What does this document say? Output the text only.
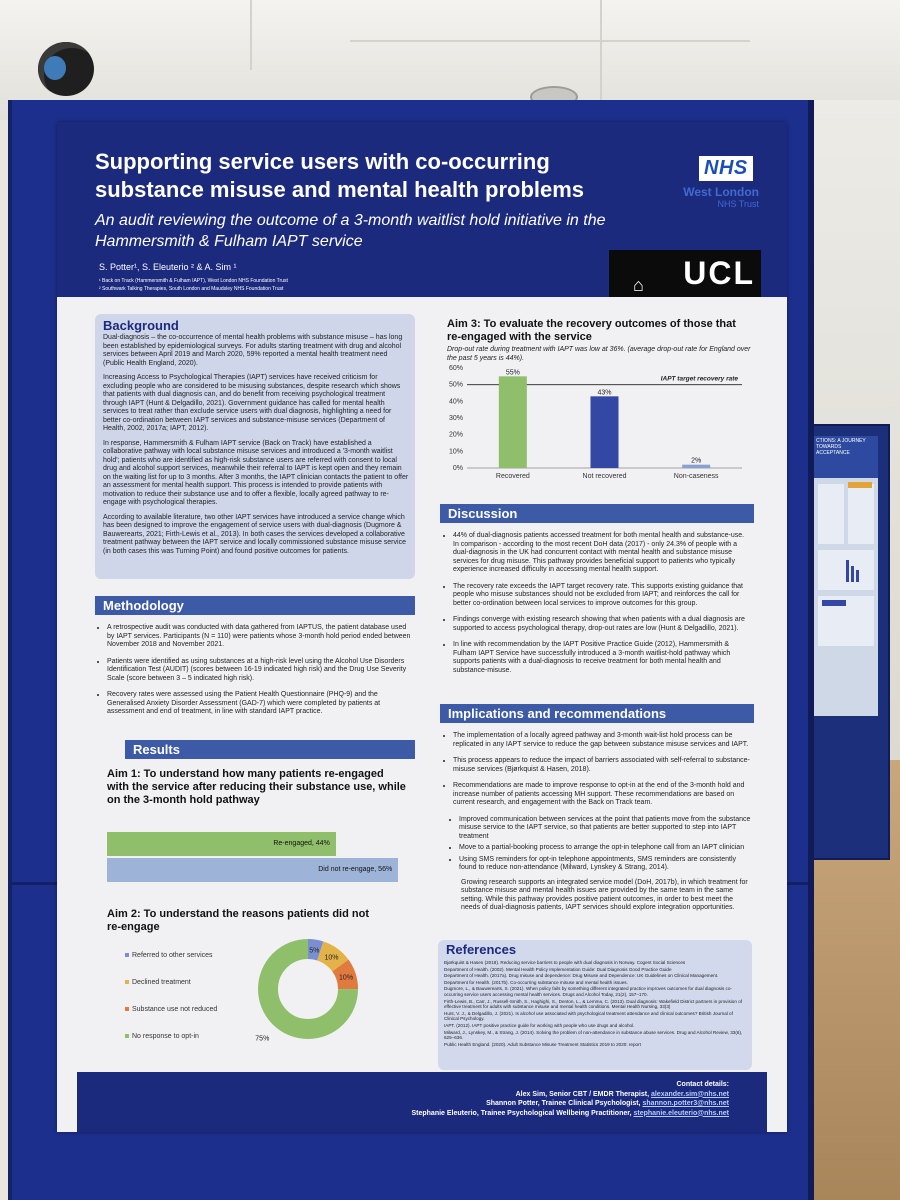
CTIONS: A JOURNEY TOWARDS ACCEPTANCE
Supporting service users with co-occurring
substance misuse and mental health problems
An audit reviewing the outcome of a 3-month waitlist hold initiative in the
Hammersmith & Fulham IAPT service
S. Potter¹, S. Eleuterio ² & A. Sim ¹
¹ Back on Track (Hammersmith & Fulham IAPT), West London NHS Foundation Trust
² Southwark Talking Therapies, South London and Maudsley NHS Foundation Trust
NHS
West London
NHS Trust
⌂ UCL
Background

Dual-diagnosis – the co-occurrence of mental health problems with substance misuse – has long been established by epidemiological surveys. For adults starting treatment with drug and alcohol services between April 2019 and March 2020, 59% reported a mental health treatment need (Public Health England, 2020).

Increasing Access to Psychological Therapies (IAPT) services have received criticism for excluding people who are considered to be misusing substances, despite research which shows that patients with dual diagnosis can, and do benefit from receiving psychological treatment through IAPT (Hunt & Delgadillo, 2021). Government guidance has called for mental health services to treat rather than exclude service users with dual diagnosis, highlighting a need for better co-ordination between IAPT services and substance-misuse services (Department of Health, 2002, 2017a; IAPT, 2012).

In response, Hammersmith & Fulham IAPT service (Back on Track) have established a collaborative pathway with local substance misuse services and introduced a '3-month waitlist hold'; patients who are identified as high-risk substance users are referred with consent to local drug and alcohol support services, meanwhile their referral to IAPT is kept open and they remain on the waiting list for up to 3 months. After 3 months, the IAPT clinician contacts the patient to offer an assessment for mental health support. This process is intended to provide patients with motivation to reduce their substance use and to offer a flexible, locally agreed pathway to re-engage with psychological therapies.

According to available literature, two other IAPT services have introduced a service change which has been designed to improve the engagement of service users with dual-diagnosis (Dugmore & Bauwerearts, 2021; Firth-Lewis et al., 2013). In both cases the services developed a collaborative treatment pathway between the IAPT service and locally commissioned substance misuse service (in both cases this was Turning Point) and found positive outcomes for patients.

Methodology
• A retrospective audit was conducted with data gathered from IAPTUS, the patient database used by IAPT services. Participants (N = 110) were patients whose 3-month hold period ended between November 2018 and November 2021.
• Patients were identified as using substances at a high-risk level using the Alcohol Use Disorders Identification Test (AUDIT) (scores between 16-19 indicated high risk) and the Drug Use Severity Scale (score between 3 – 5 indicated high risk).
• Recovery rates were assessed using the Patient Health Questionnaire (PHQ-9) and the Generalised Anxiety Disorder Assessment (GAD-7) which were completed by patients at assessment and end of treatment, in line with standard IAPT practice.
Results
Aim 1: To understand how many patients re-engaged with the service after reducing their substance use, while on the 3-month hold pathway
Re-engaged, 44%
Did not re-engage, 56%
Aim 2: To understand the reasons patients did not re-engage
Referred to other services
Declined treatment
Substance use not reduced
No response to opt-in
5%
10%
10%
75%
Aim 3: To evaluate the recovery outcomes of those that
re-engaged with the service
Drop-out rate during treatment with IAPT was low at 36%. (average drop-out rate for England over the past 5 years is 44%).
0%
10%
20%
30%
40%
50%
60%
IAPT target recovery rate
55%
Recovered
43%
Not recovered
2%
Non-caseness
Discussion
• 44% of dual-diagnosis patients accessed treatment for both mental health and substance-use. In comparison - according to the most recent DoH data (2017) - only 24.3% of people with a dual-diagnosis in the UK had concurrent contact with mental health and substance misuse services for drug misuse. This pathway provides beneficial support to patients who typically experience increased difficulty in accessing mental health support.
• The recovery rate exceeds the IAPT target recovery rate. This supports existing guidance that people who misuse substances should not be excluded from IAPT; and reinforces the call for better co-ordination between local services to improve outcomes for this group.
• Findings converge with existing research showing that when patients with a dual diagnosis are supported to access psychological therapy, drop-out rates are low (Hunt & Delgadillo, 2021).
• In line with recommendation by the IAPT Positive Practice Guide (2012), Hammersmith & Fulham IAPT Service have successfully introduced a 3-month waitlist-hold pathway which supports patients with a dual-diagnosis to receive treatment for both mental health and substance-misuse.
Implications and recommendations
• The implementation of a locally agreed pathway and 3-month wait-list hold process can be replicated in any IAPT service to reduce the gap between substance misuse services and IAPT.
• This process appears to reduce the impact of barriers associated with self-referral to substance-misuse services (Bjørkquist & Hasen, 2018).
• Recommendations are made to improve response to opt-in at the end of the 3-month hold and increase number of patients accessing MH support. These recommendations are based on current research, and engagement with the Back on Track team.
• Improved communication between services at the point that patients move from the substance misuse service to the IAPT service, so that patients are better supported to step into IAPT treatment
• Move to a partial-booking process to arrange the opt-in telephone call from an IAPT clinician
• Using SMS reminders for opt-in telephone appointments, SMS reminders are consistently found to reduce non-attendance (Milward, Lynskey & Strang, 2014).

Growing research supports an integrated service model (DoH, 2017b), in which treatment for substance misuse and mental health issues are provided by the same team in the same setting. While this pathway provides positive patient outcomes, in order to best meet the needs of dual-diagnosis patients, IAPT services should explore integration opportunities.

References
Bjørkquist & Hasen (2018). Reducing service barriers to people with dual diagnosis in Norway. Cogent Social Sciences
Department of Health. (2002). Mental Health Policy Implementation Guide: Dual Diagnosis Good Practice Guide
Department of Health. (2017a). Drug misuse and dependence: Drug Misuse and Dependence: UK Guidelines on Clinical Management.
Department for Health. (2017b). Co-occurring substance misuse and mental health issues.
Dugmore, L., & Bauwerearts, S. (2021). When policy fails by something different integrated practice improves outcomes for dual diagnosis co-occurring service users accessing mental health services. Drugs and Alcohol Today, 21(2), 157–170.
Firth-Lewis, B., Carr, J., Russell-Smith, S., Haghighi, S., Denton, L., & Lemma, C. (2013). Dual diagnosis: Wakefield District partners in provision of effective treatment for adults with substance misuse and mental health conditions. Mental Health Nursing, 33(3)
Hunt, V. J., & Delgadillo, J. (2021). Is alcohol use associated with psychological treatment attendance and clinical outcomes? British Journal of Clinical Psychology.
IAPT. (2012). IAPT positive practice guide for working with people who use drugs and alcohol.
Milward, J., Lynskey, M., & Strang, J. (2014). Solving the problem of non-attendance in substance abuse services. Drug and Alcohol Review, 33(6), 625–636.
Public Health England. (2020). Adult Substance Misuse Treatment Statistics 2019 to 2020: report
Contact details:
Alex Sim, Senior CBT / EMDR Therapist, alexander.sim@nhs.net
Shannon Potter, Trainee Clinical Psychologist, shannon.potter3@nhs.net
Stephanie Eleuterio, Trainee Psychological Wellbeing Practitioner, stephanie.eleuterio@nhs.net
